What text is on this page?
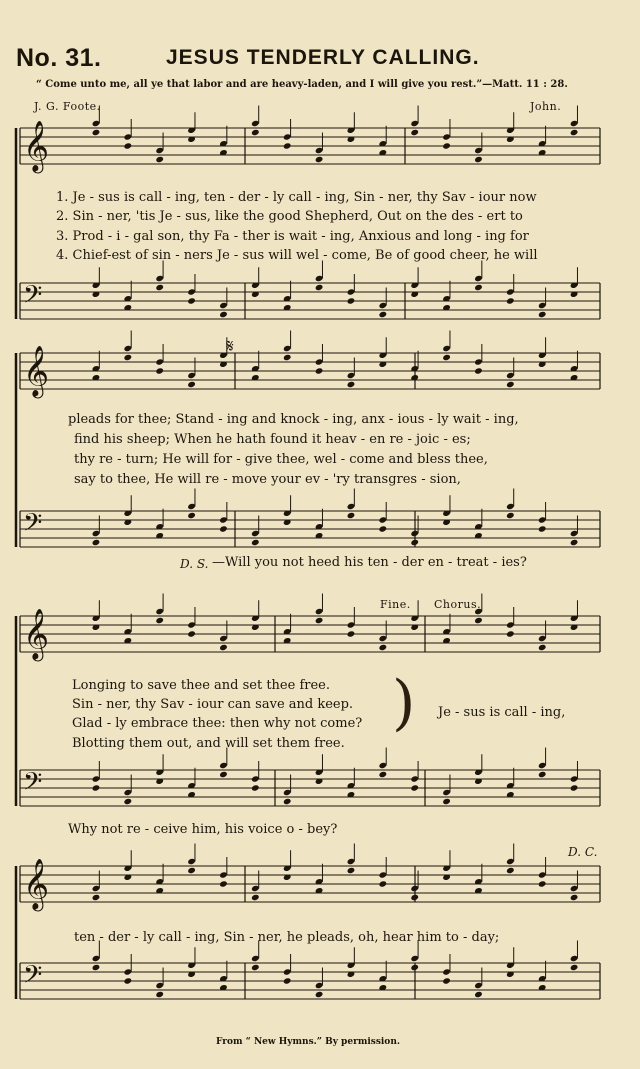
No. 31.	JESUS TENDERLY CALLING.
“ Come unto me, all ye that labor and are heavy-laden, and I will give you rest.”—Matt. 11 : 28.
J. G. Foote.	John.
𝄞
𝄢
𝄞
𝄢
𝄞
𝄢
𝄞
𝄢
1. Je - sus is call - ing, ten - der - ly call - ing, Sin - ner, thy Sav - iour now
2. Sin - ner, 'tis Je - sus, like the good Shepherd, Out on the des - ert to
3. Prod - i - gal son, thy Fa - ther is wait - ing, Anxious and long - ing for
4. Chief-est of sin - ners Je - sus will wel - come, Be of good cheer, he will
𝄋
pleads for thee; Stand - ing and knock - ing, anx - ious - ly wait - ing,
find his sheep; When he hath found it heav - en re - joic - es;
thy re - turn; He will for - give thee, wel - come and bless thee,
say to thee, He will re - move your ev - 'ry transgres - sion,
D. S. —Will you not heed his ten - der en - treat - ies?
Fine. Chorus.
Longing to save thee and set thee free.
Sin - ner, thy Sav - iour can save and keep.
Glad - ly embrace thee: then why not come?
Blotting them out, and will set them free.
) Je - sus is call - ing,
Why not re - ceive him, his voice o - bey?
D. C.
ten - der - ly call - ing, Sin - ner, he pleads, oh, hear him to - day;
From “ New Hymns.” By permission.
